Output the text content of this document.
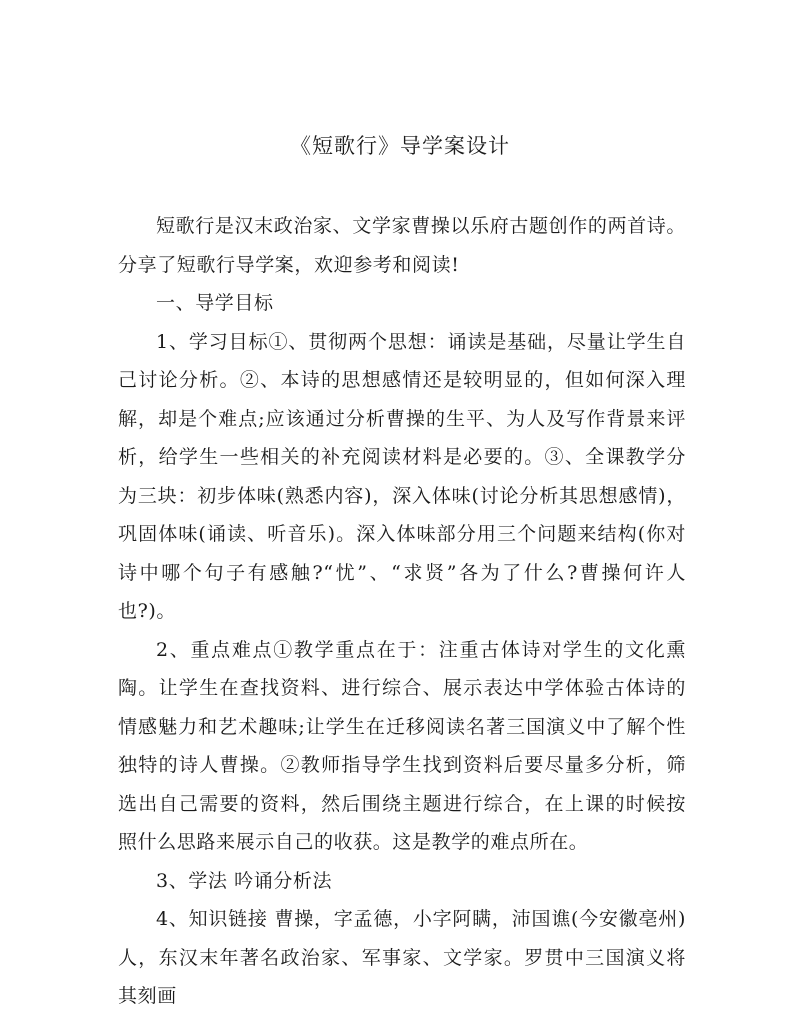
《短歌行》导学案设计

短歌行是汉末政治家、文学家曹操以乐府古题创作的两首诗。分享了短歌行导学案，欢迎参考和阅读!

一、导学目标

1、学习目标①、贯彻两个思想：诵读是基础，尽量让学生自己讨论分析。②、本诗的思想感情还是较明显的，但如何深入理解，却是个难点;应该通过分析曹操的生平、为人及写作背景来评析，给学生一些相关的补充阅读材料是必要的。③、全课教学分为三块：初步体味(熟悉内容)，深入体味(讨论分析其思想感情)，巩固体味(诵读、听音乐)。深入体味部分用三个问题来结构(你对诗中哪个句子有感触?“忧”、“求贤”各为了什么?曹操何许人也?)。

2、重点难点①教学重点在于：注重古体诗对学生的文化熏陶。让学生在查找资料、进行综合、展示表达中学体验古体诗的情感魅力和艺术趣味;让学生在迁移阅读名著三国演义中了解个性独特的诗人曹操。②教师指导学生找到资料后要尽量多分析，筛选出自己需要的资料，然后围绕主题进行综合，在上课的时候按照什么思路来展示自己的收获。这是教学的难点所在。

3、学法 吟诵分析法

4、知识链接 曹操，字孟德，小字阿瞒，沛国谯(今安徽亳州)人，东汉末年著名政治家、军事家、文学家。罗贯中三国演义将其刻画
